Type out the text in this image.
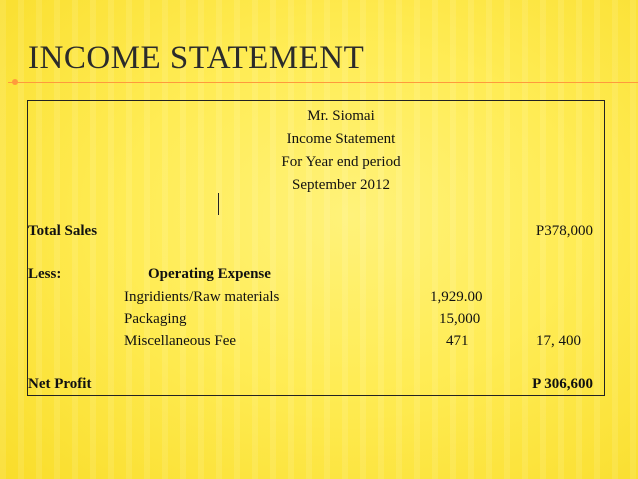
INCOME STATEMENT
Mr. Siomai
Income Statement
For Year end period
September 2012
Total Sales	P378,000
Less:	Operating Expense
Ingridients/Raw materials	1,929.00
Packaging	15,000
Miscellaneous Fee	471	17, 400
Net Profit	P 306,600
